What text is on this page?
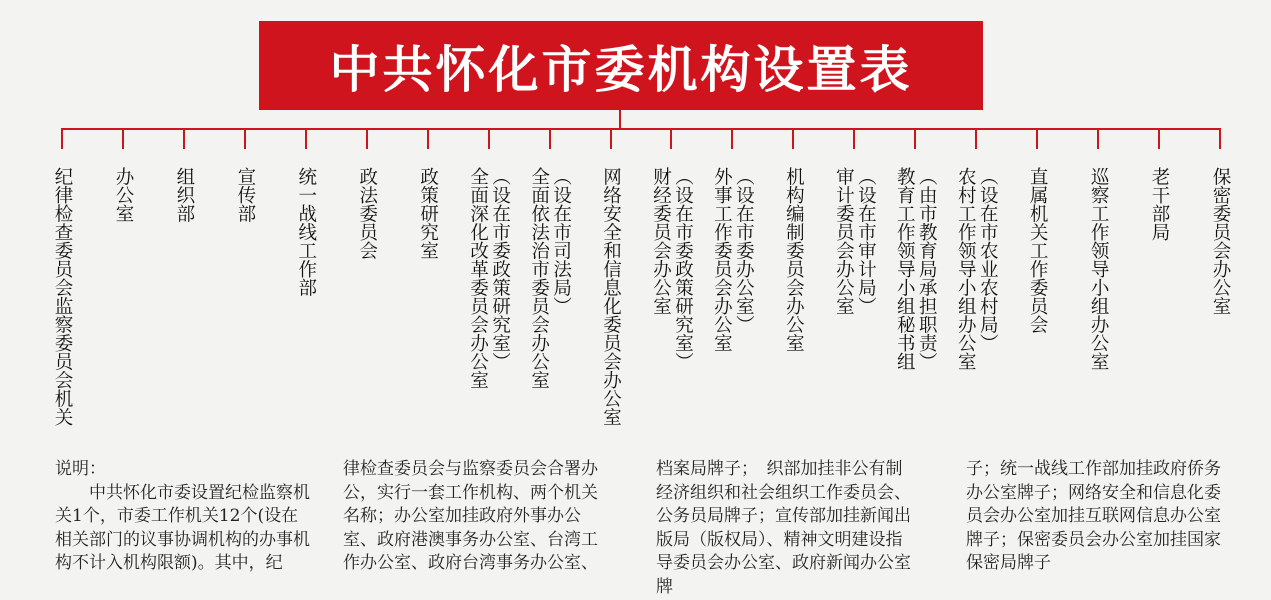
中共怀化市委机构设置表
纪律检查委员会监察委员会机关 办公室 组织部 宣传部 统一战线工作部 政法委员会 政策研究室 全面深化改革委员会办公室 （设在市委政策研究室） 全面依法治市委员会办公室 （设在市司法局） 网络安全和信息化委员会办公室 财经委员会办公室 （设在市委政策研究室） 外事工作委员会办公室 （设在市委办公室） 机构编制委员会办公室 审计委员会办公室 （设在市审计局） 教育工作领导小组秘书组 （由市教育局承担职责） 农村工作领导小组办公室 （设在市农业农村局） 直属机关工作委员会 巡察工作领导小组办公室 老干部局 保密委员会办公室

说明：
　　中共怀化市委设置纪检监察机关1个，市委工作机关12个(设在相关部门的议事协调机构的办事机构不计入机构限额)。其中，纪

律检查委员会与监察委员会合署办公，实行一套工作机构、两个机关名称；办公室加挂政府外事办公室、政府港澳事务办公室、台湾工作办公室、政府台湾事务办公室、

档案局牌子；　织部加挂非公有制经济组织和社会组织工作委员会、公务员局牌子；宣传部加挂新闻出版局（版权局）、精神文明建设指导委员会办公室、政府新闻办公室牌

子；统一战线工作部加挂政府侨务办公室牌子；网络安全和信息化委员会办公室加挂互联网信息办公室牌子；保密委员会办公室加挂国家保密局牌子
